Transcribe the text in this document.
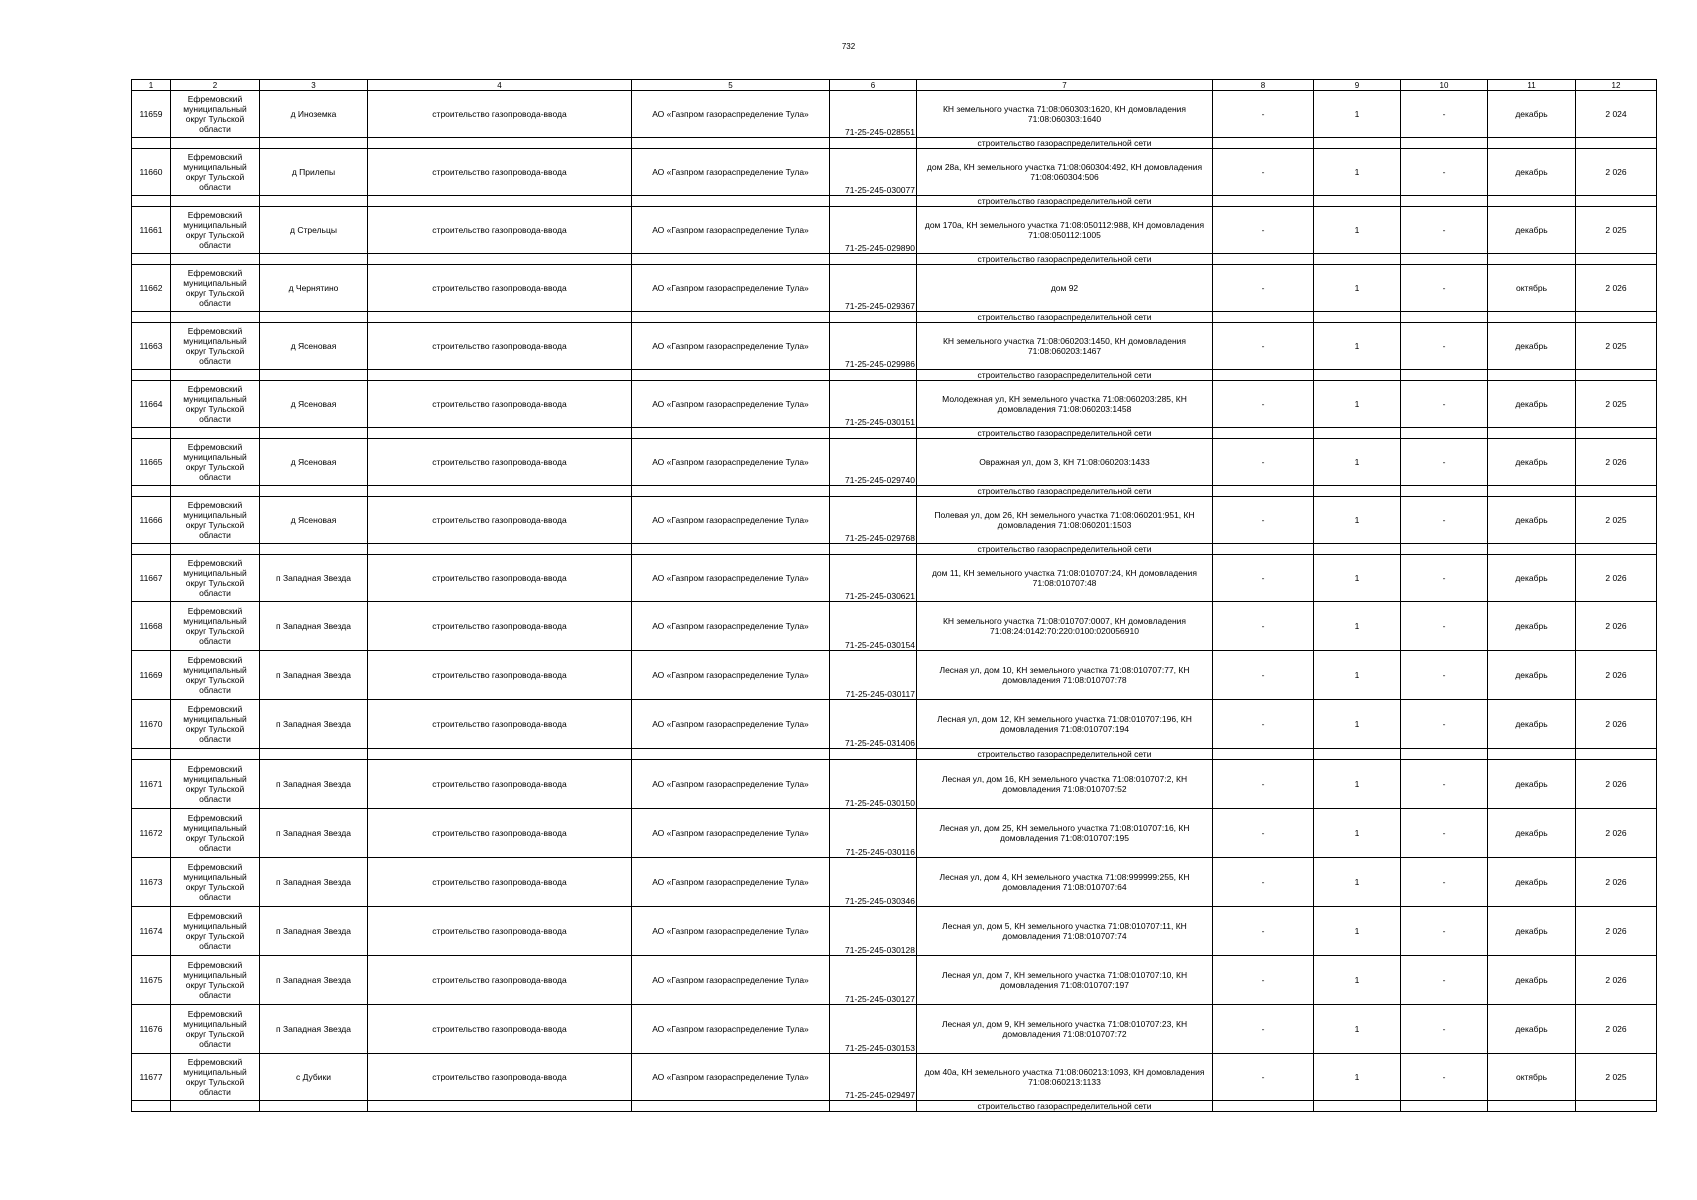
732
1	2	3	4	5	6	7	8	9	10	11	12
11659	Ефремовский муниципальный округ Тульской области	д Иноземка	строительство газопровода-ввода	АО «Газпром газораспределение Тула»	71-25-245-028551	КН земельного участка 71:08:060303:1620, КН домовладения 71:08:060303:1640	-	1	-	декабрь	2 024
						строительство газораспределительной сети					
11660	Ефремовский муниципальный округ Тульской области	д Прилепы	строительство газопровода-ввода	АО «Газпром газораспределение Тула»	71-25-245-030077	дом 28а, КН земельного участка 71:08:060304:492, КН домовладения 71:08:060304:506	-	1	-	декабрь	2 026
						строительство газораспределительной сети					
11661	Ефремовский муниципальный округ Тульской области	д Стрельцы	строительство газопровода-ввода	АО «Газпром газораспределение Тула»	71-25-245-029890	дом 170а, КН земельного участка 71:08:050112:988, КН домовладения 71:08:050112:1005	-	1	-	декабрь	2 025
						строительство газораспределительной сети					
11662	Ефремовский муниципальный округ Тульской области	д Чернятино	строительство газопровода-ввода	АО «Газпром газораспределение Тула»	71-25-245-029367	дом 92	-	1	-	октябрь	2 026
						строительство газораспределительной сети					
11663	Ефремовский муниципальный округ Тульской области	д Ясеновая	строительство газопровода-ввода	АО «Газпром газораспределение Тула»	71-25-245-029986	КН земельного участка 71:08:060203:1450, КН домовладения 71:08:060203:1467	-	1	-	декабрь	2 025
						строительство газораспределительной сети					
11664	Ефремовский муниципальный округ Тульской области	д Ясеновая	строительство газопровода-ввода	АО «Газпром газораспределение Тула»	71-25-245-030151	Молодежная ул, КН земельного участка 71:08:060203:285, КН домовладения 71:08:060203:1458	-	1	-	декабрь	2 025
						строительство газораспределительной сети					
11665	Ефремовский муниципальный округ Тульской области	д Ясеновая	строительство газопровода-ввода	АО «Газпром газораспределение Тула»	71-25-245-029740	Овражная ул, дом 3, КН 71:08:060203:1433	-	1	-	декабрь	2 026
						строительство газораспределительной сети					
11666	Ефремовский муниципальный округ Тульской области	д Ясеновая	строительство газопровода-ввода	АО «Газпром газораспределение Тула»	71-25-245-029768	Полевая ул, дом 26, КН земельного участка 71:08:060201:951, КН домовладения 71:08:060201:1503	-	1	-	декабрь	2 025
						строительство газораспределительной сети					
11667	Ефремовский муниципальный округ Тульской области	п Западная Звезда	строительство газопровода-ввода	АО «Газпром газораспределение Тула»	71-25-245-030621	дом 11, КН земельного участка 71:08:010707:24, КН домовладения 71:08:010707:48	-	1	-	декабрь	2 026
11668	Ефремовский муниципальный округ Тульской области	п Западная Звезда	строительство газопровода-ввода	АО «Газпром газораспределение Тула»	71-25-245-030154	КН земельного участка 71:08:010707:0007, КН домовладения 71:08:24:0142:70:220:0100:020056910	-	1	-	декабрь	2 026
11669	Ефремовский муниципальный округ Тульской области	п Западная Звезда	строительство газопровода-ввода	АО «Газпром газораспределение Тула»	71-25-245-030117	Лесная ул, дом 10, КН земельного участка 71:08:010707:77, КН домовладения 71:08:010707:78	-	1	-	декабрь	2 026
11670	Ефремовский муниципальный округ Тульской области	п Западная Звезда	строительство газопровода-ввода	АО «Газпром газораспределение Тула»	71-25-245-031406	Лесная ул, дом 12, КН земельного участка 71:08:010707:196, КН домовладения 71:08:010707:194	-	1	-	декабрь	2 026
						строительство газораспределительной сети					
11671	Ефремовский муниципальный округ Тульской области	п Западная Звезда	строительство газопровода-ввода	АО «Газпром газораспределение Тула»	71-25-245-030150	Лесная ул, дом 16, КН земельного участка 71:08:010707:2, КН домовладения 71:08:010707:52	-	1	-	декабрь	2 026
11672	Ефремовский муниципальный округ Тульской области	п Западная Звезда	строительство газопровода-ввода	АО «Газпром газораспределение Тула»	71-25-245-030116	Лесная ул, дом 25, КН земельного участка 71:08:010707:16, КН домовладения 71:08:010707:195	-	1	-	декабрь	2 026
11673	Ефремовский муниципальный округ Тульской области	п Западная Звезда	строительство газопровода-ввода	АО «Газпром газораспределение Тула»	71-25-245-030346	Лесная ул, дом 4, КН земельного участка 71:08:999999:255, КН домовладения 71:08:010707:64	-	1	-	декабрь	2 026
11674	Ефремовский муниципальный округ Тульской области	п Западная Звезда	строительство газопровода-ввода	АО «Газпром газораспределение Тула»	71-25-245-030128	Лесная ул, дом 5, КН земельного участка 71:08:010707:11, КН домовладения 71:08:010707:74	-	1	-	декабрь	2 026
11675	Ефремовский муниципальный округ Тульской области	п Западная Звезда	строительство газопровода-ввода	АО «Газпром газораспределение Тула»	71-25-245-030127	Лесная ул, дом 7, КН земельного участка 71:08:010707:10, КН домовладения 71:08:010707:197	-	1	-	декабрь	2 026
11676	Ефремовский муниципальный округ Тульской области	п Западная Звезда	строительство газопровода-ввода	АО «Газпром газораспределение Тула»	71-25-245-030153	Лесная ул, дом 9, КН земельного участка 71:08:010707:23, КН домовладения 71:08:010707:72	-	1	-	декабрь	2 026
11677	Ефремовский муниципальный округ Тульской области	с Дубики	строительство газопровода-ввода	АО «Газпром газораспределение Тула»	71-25-245-029497	дом 40а, КН земельного участка 71:08:060213:1093, КН домовладения 71:08:060213:1133	-	1	-	октябрь	2 025
						строительство газораспределительной сети					
